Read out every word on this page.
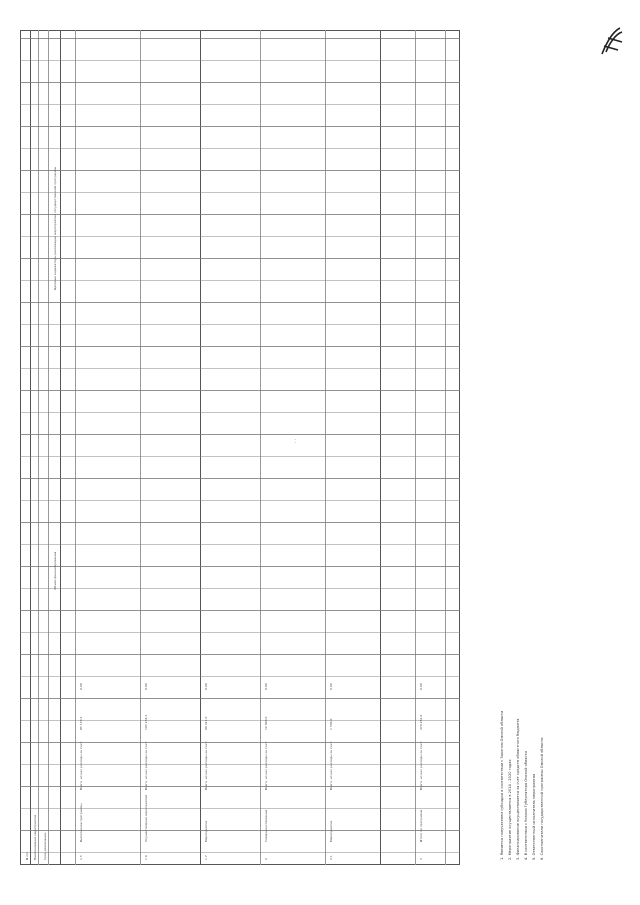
N п/п Наименование мероприятия Срок реализации
Объем финансирования
Целевые индикаторы реализации мероприятия государственной программы
1.5
Выполнение программы
Всего, из них расходы за счет:
85 170,3
0,00
1.6
Осуществление мероприятий
Всего, из них расходы за счет:
105 256,3
0,00
1.7
Мероприятие
Всего, из них расходы за счет:
96 321,0
0,00
2
Совершенствование
Всего, из них расходы за счет:
12 000,0
0,00
2.1
Мероприятие
Всего, из них расходы за счет:
1 500,0
0,00
3
Итого по программе
Всего, из них расходы за счет:
476 281,6
0,00
1. Является получателем субсидии в соответствии с Законом Омской области 2. Мероприятие осуществляется в 2014 - 2020 годах 3. Финансирование осуществляется за счет средств областного бюджета 4. В соответствии с Указом Губернатора Омской области 5. Ответственный исполнитель мероприятия 6. Соисполнители государственной программы Омской области
. .
